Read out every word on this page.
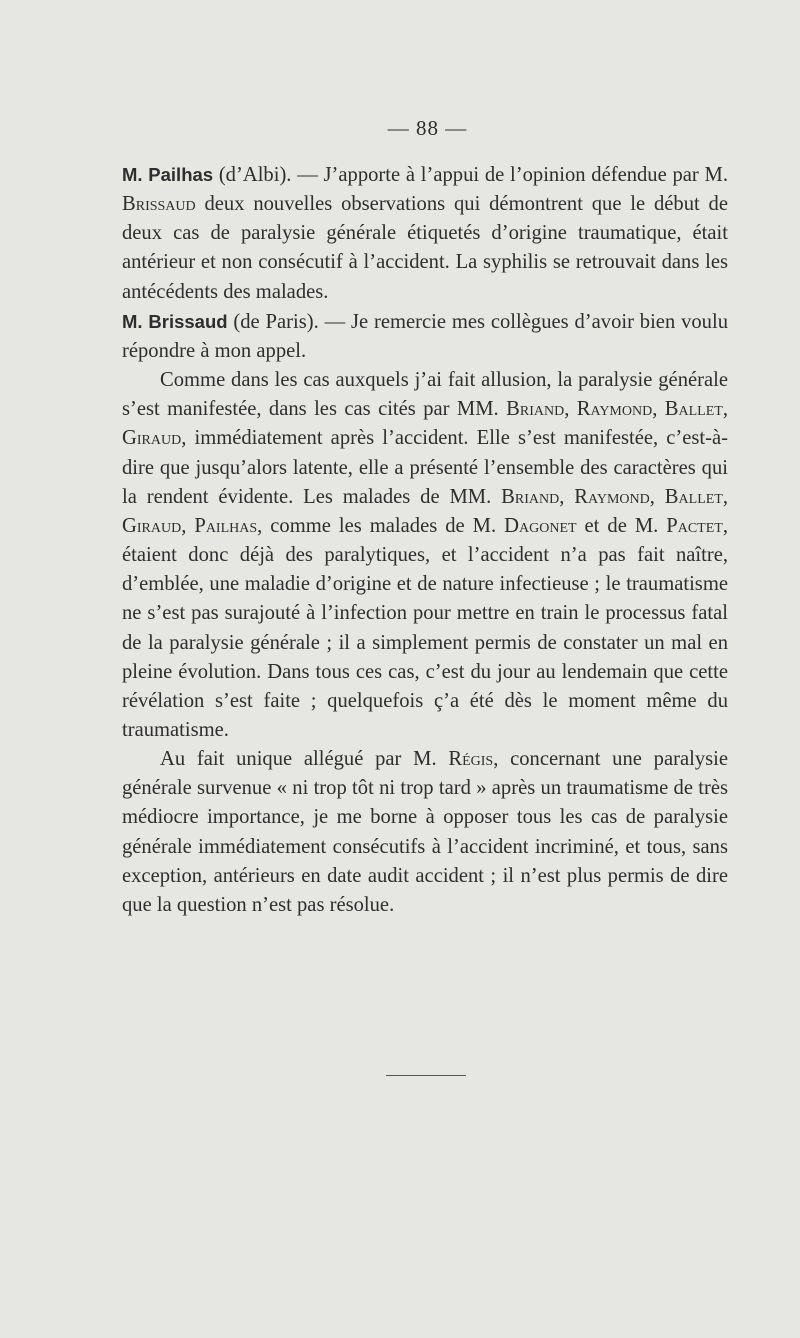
— 88 —

M. Pailhas (d’Albi). — J’apporte à l’appui de l’opinion défendue par M. Brissaud deux nouvelles observations qui démontrent que le début de deux cas de paralysie générale étiquetés d’origine traumatique, était antérieur et non consécutif à l’accident. La syphilis se retrouvait dans les antécédents des malades.

M. Brissaud (de Paris). — Je remercie mes collègues d’avoir bien voulu répondre à mon appel.

Comme dans les cas auxquels j’ai fait allusion, la paralysie générale s’est manifestée, dans les cas cités par MM. Briand, Raymond, Ballet, Giraud, immédiatement après l’accident. Elle s’est manifestée, c’est-à-dire que jusqu’alors latente, elle a présenté l’ensemble des caractères qui la rendent évidente. Les malades de MM. Briand, Raymond, Ballet, Giraud, Pailhas, comme les malades de M. Dagonet et de M. Pactet, étaient donc déjà des paralytiques, et l’accident n’a pas fait naître, d’emblée, une maladie d’origine et de nature infectieuse ; le traumatisme ne s’est pas surajouté à l’infection pour mettre en train le processus fatal de la paralysie générale ; il a simplement permis de constater un mal en pleine évolution. Dans tous ces cas, c’est du jour au lendemain que cette révélation s’est faite ; quelquefois ç’a été dès le moment même du traumatisme.

Au fait unique allégué par M. Régis, concernant une paralysie générale survenue « ni trop tôt ni trop tard » après un traumatisme de très médiocre importance, je me borne à opposer tous les cas de paralysie générale immédiatement consécutifs à l’accident incriminé, et tous, sans exception, antérieurs en date audit accident ; il n’est plus permis de dire que la question n’est pas résolue.
